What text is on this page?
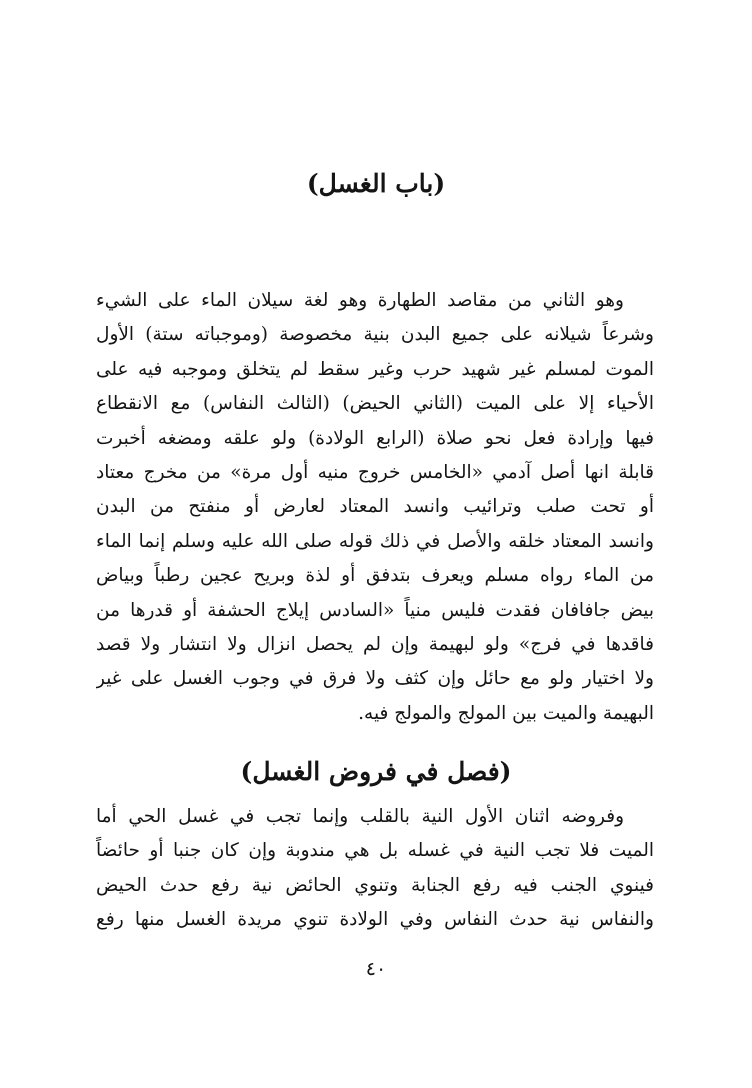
(باب الغسل)
وهو الثاني من مقاصد الطهارة وهو لغة سيلان الماء على الشيء
وشرعاً شيلانه على جميع البدن بنية مخصوصة (وموجباته ستة) الأول
الموت لمسلم غير شهيد حرب وغير سقط لم يتخلق وموجبه فيه على
الأحياء إلا على الميت (الثاني الحيض) (الثالث النفاس) مع الانقطاع
فيها وإرادة فعل نحو صلاة (الرابع الولادة) ولو علقه ومضغه أخبرت
قابلة انها أصل آدمي «الخامس خروج منيه أول مرة» من مخرج معتاد
أو تحت صلب وترائيب وانسد المعتاد لعارض أو منفتح من البدن
وانسد المعتاد خلقه والأصل في ذلك قوله صلى الله عليه وسلم إنما الماء
من الماء رواه مسلم ويعرف بتدفق أو لذة وبريح عجين رطباً وبياض
بيض جافافان فقدت فليس منياً «السادس إيلاج الحشفة أو قدرها من
فاقدها في فرج» ولو لبهيمة وإن لم يحصل انزال ولا انتشار ولا قصد
ولا اختيار ولو مع حائل وإن كثف ولا فرق في وجوب الغسل على غير
البهيمة والميت بين المولج والمولج فيه.
(فصل في فروض الغسل)
وفروضه اثنان الأول النية بالقلب وإنما تجب في غسل الحي أما
الميت فلا تجب النية في غسله بل هي مندوبة وإن كان جنبا أو حائضاً
فينوي الجنب فيه رفع الجنابة وتنوي الحائض نية رفع حدث الحيض
والنفاس نية حدث النفاس وفي الولادة تنوي مريدة الغسل منها رفع
٤٠
